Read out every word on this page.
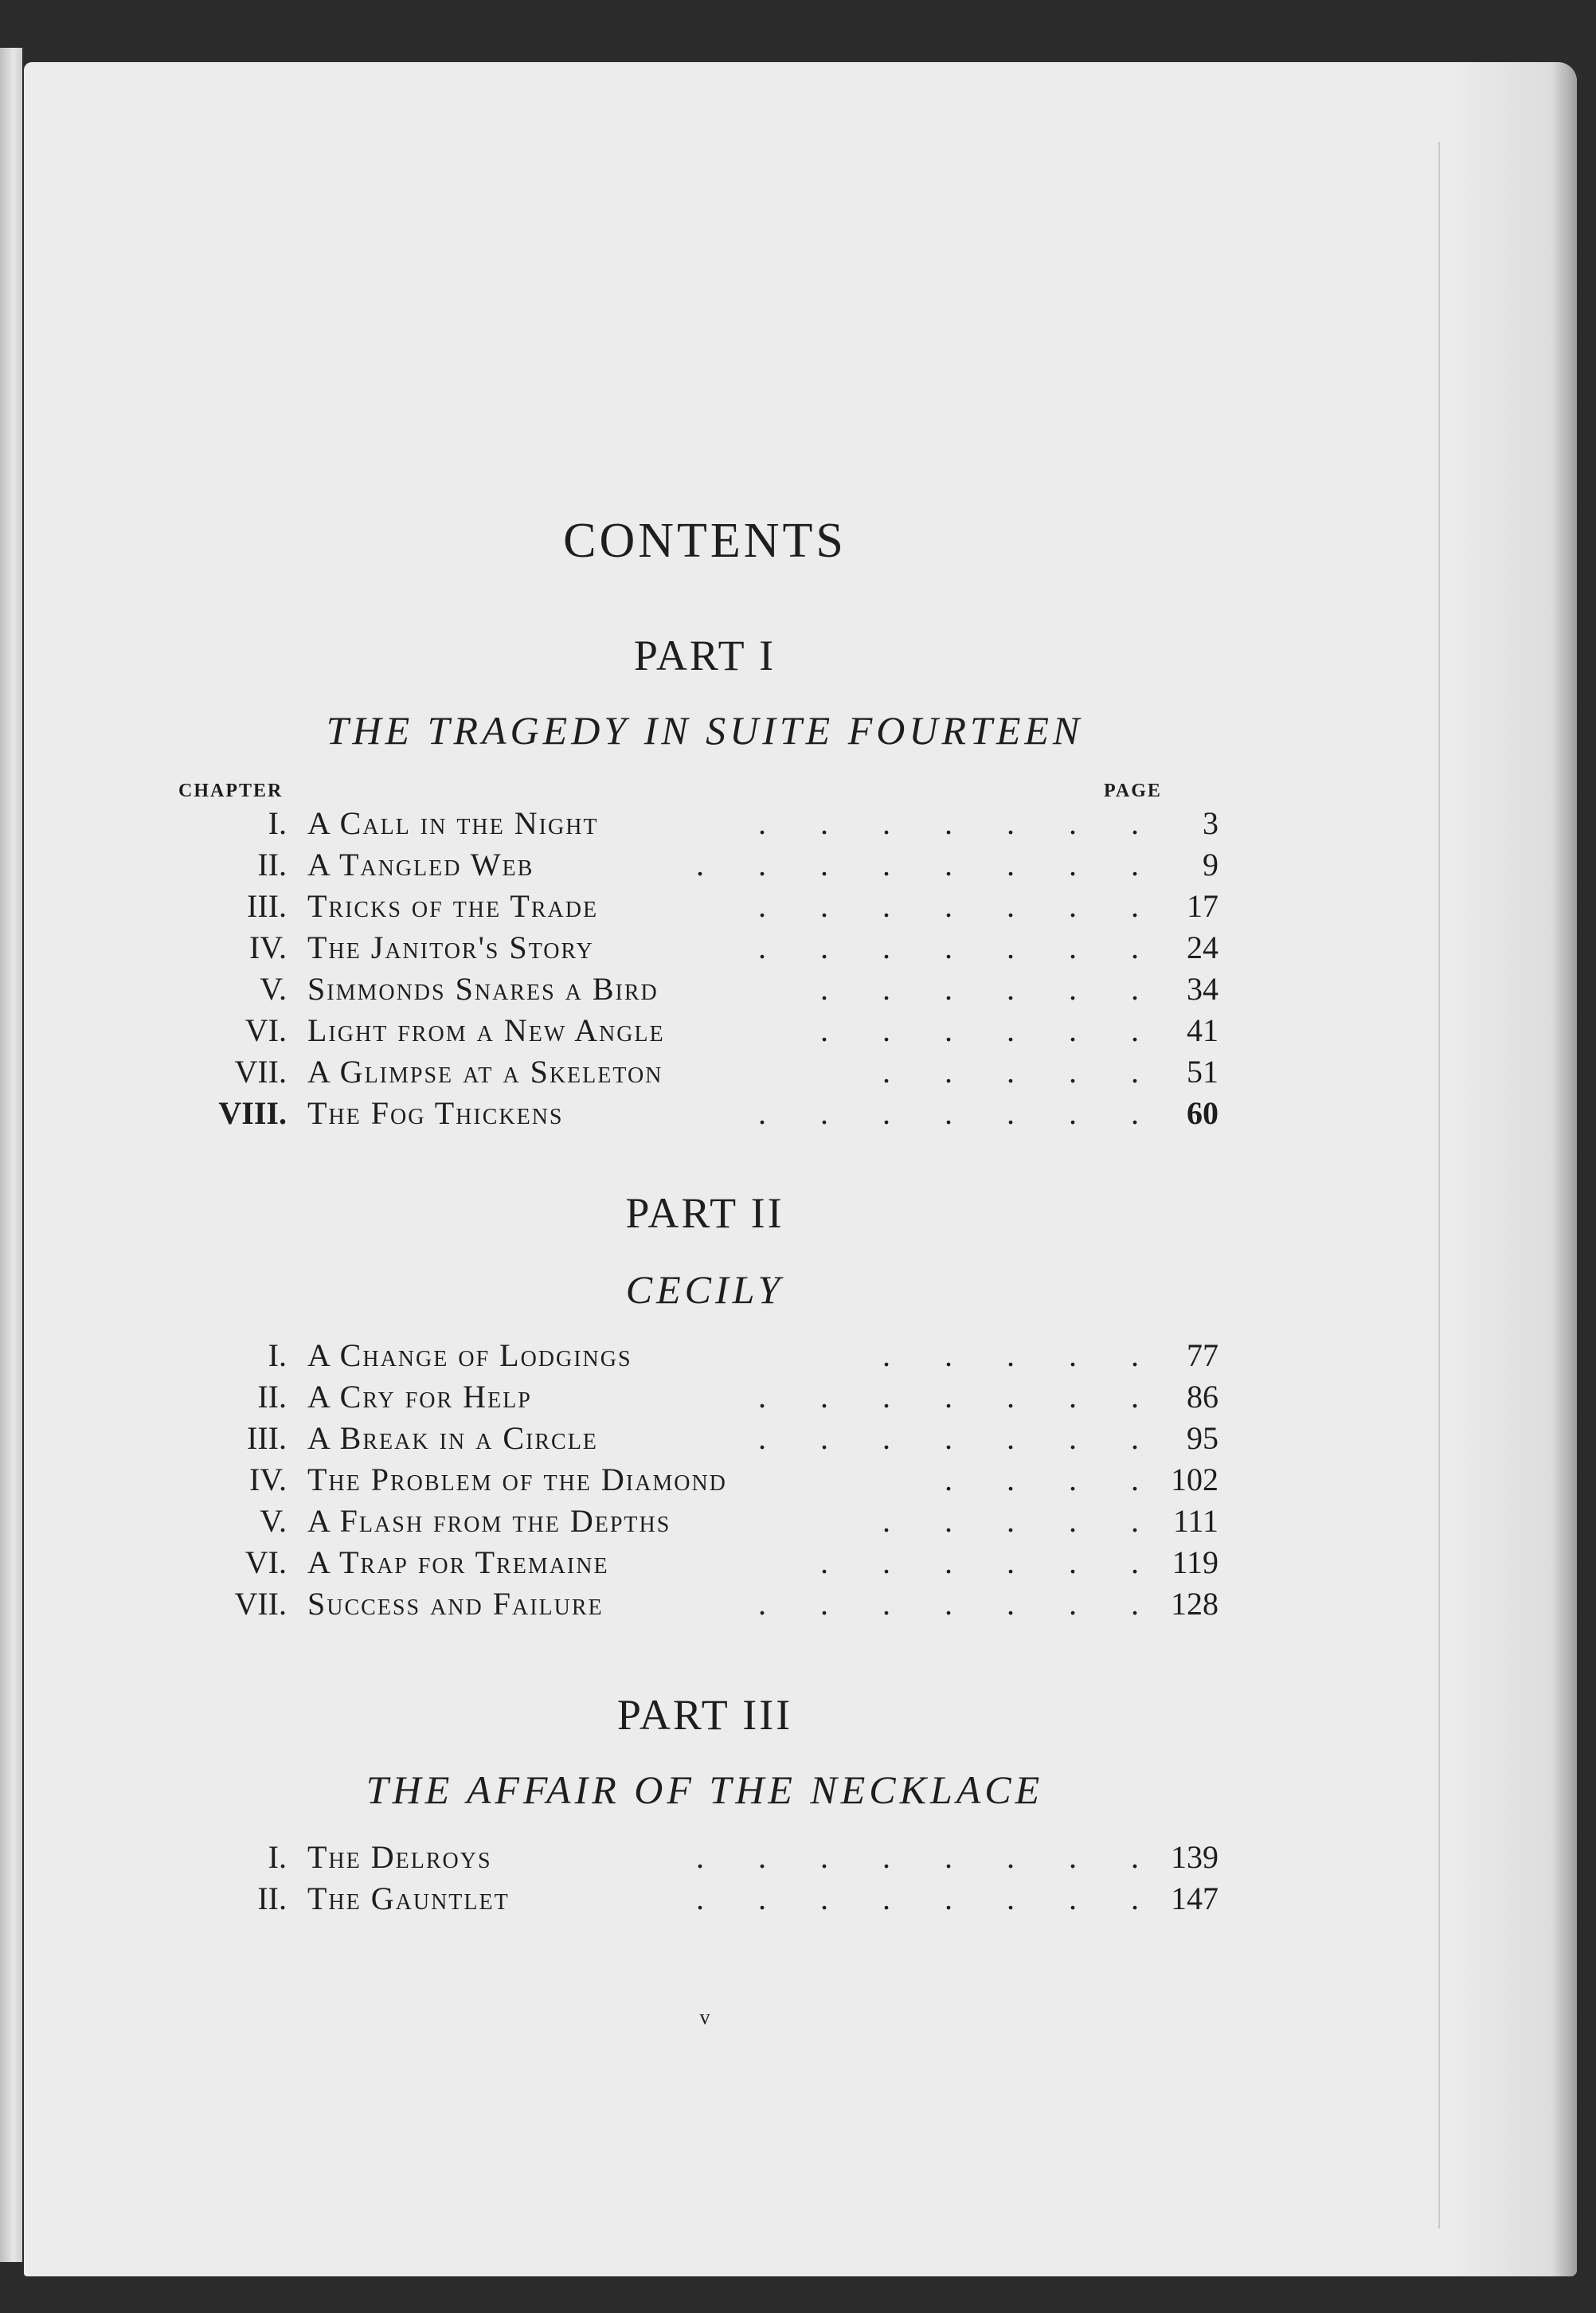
CONTENTS
PART I
THE TRAGEDY IN SUITE FOURTEEN
CHAPTER	PAGE
I. A Call in the Night	. . . . . . .	3
II. A Tangled Web	. . . . . . . .	9
III. Tricks of the Trade	. . . . . . .	17
IV. The Janitor's Story	. . . . . . .	24
V. Simmonds Snares a Bird	. . . . . .	34
VI. Light from a New Angle	. . . . . .	41
VII. A Glimpse at a Skeleton	. . . . .	51
VIII. The Fog Thickens	. . . . . . .	60
PART II
CECILY
I. A Change of Lodgings	. . . . .	77
II. A Cry for Help	. . . . . . .	86
III. A Break in a Circle	. . . . . . .	95
IV. The Problem of the Diamond	. . . .	102
V. A Flash from the Depths	. . . . .	111
VI. A Trap for Tremaine	. . . . . .	119
VII. Success and Failure	. . . . . . .	128
PART III
THE AFFAIR OF THE NECKLACE
I. The Delroys	. . . . . . . .	139
II. The Gauntlet	. . . . . . . .	147
v
